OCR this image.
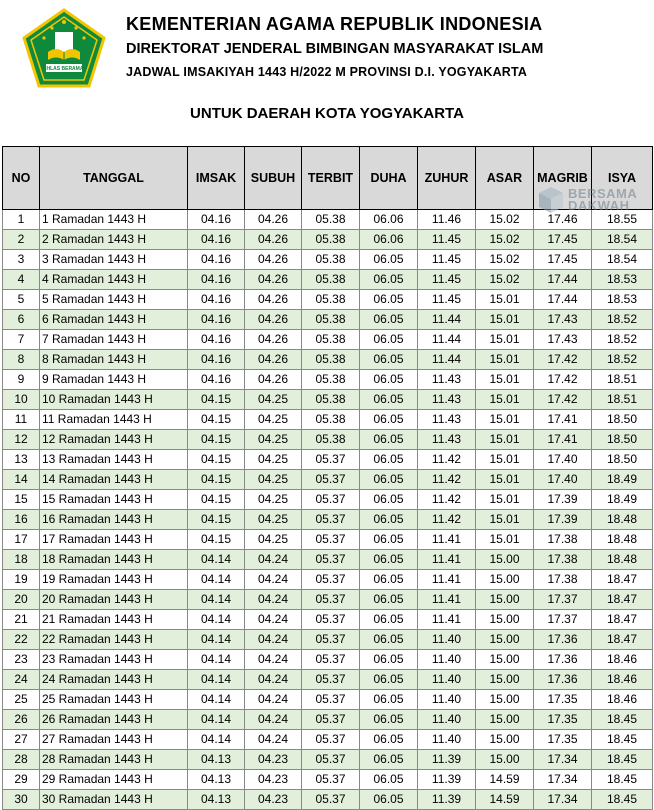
IKHLAS BERAMAL
KEMENTERIAN AGAMA REPUBLIK INDONESIA
DIREKTORAT JENDERAL BIMBINGAN MASYARAKAT ISLAM
JADWAL IMSAKIYAH 1443 H/2022 M PROVINSI D.I. YOGYAKARTA
UNTUK DAERAH KOTA YOGYAKARTA
NO	TANGGAL	IMSAK	SUBUH	TERBIT	DUHA	ZUHUR	ASAR	MAGRIB	ISYA
1	1 Ramadan 1443 H	04.16	04.26	05.38	06.06	11.46	15.02	17.46	18.55
2	2 Ramadan 1443 H	04.16	04.26	05.38	06.06	11.45	15.02	17.45	18.54
3	3 Ramadan 1443 H	04.16	04.26	05.38	06.05	11.45	15.02	17.45	18.54
4	4 Ramadan 1443 H	04.16	04.26	05.38	06.05	11.45	15.02	17.44	18.53
5	5 Ramadan 1443 H	04.16	04.26	05.38	06.05	11.45	15.01	17.44	18.53
6	6 Ramadan 1443 H	04.16	04.26	05.38	06.05	11.44	15.01	17.43	18.52
7	7 Ramadan 1443 H	04.16	04.26	05.38	06.05	11.44	15.01	17.43	18.52
8	8 Ramadan 1443 H	04.16	04.26	05.38	06.05	11.44	15.01	17.42	18.52
9	9 Ramadan 1443 H	04.16	04.26	05.38	06.05	11.43	15.01	17.42	18.51
10	10 Ramadan 1443 H	04.15	04.25	05.38	06.05	11.43	15.01	17.42	18.51
11	11 Ramadan 1443 H	04.15	04.25	05.38	06.05	11.43	15.01	17.41	18.50
12	12 Ramadan 1443 H	04.15	04.25	05.38	06.05	11.43	15.01	17.41	18.50
13	13 Ramadan 1443 H	04.15	04.25	05.37	06.05	11.42	15.01	17.40	18.50
14	14 Ramadan 1443 H	04.15	04.25	05.37	06.05	11.42	15.01	17.40	18.49
15	15 Ramadan 1443 H	04.15	04.25	05.37	06.05	11.42	15.01	17.39	18.49
16	16 Ramadan 1443 H	04.15	04.25	05.37	06.05	11.42	15.01	17.39	18.48
17	17 Ramadan 1443 H	04.15	04.25	05.37	06.05	11.41	15.01	17.38	18.48
18	18 Ramadan 1443 H	04.14	04.24	05.37	06.05	11.41	15.00	17.38	18.48
19	19 Ramadan 1443 H	04.14	04.24	05.37	06.05	11.41	15.00	17.38	18.47
20	20 Ramadan 1443 H	04.14	04.24	05.37	06.05	11.41	15.00	17.37	18.47
21	21 Ramadan 1443 H	04.14	04.24	05.37	06.05	11.41	15.00	17.37	18.47
22	22 Ramadan 1443 H	04.14	04.24	05.37	06.05	11.40	15.00	17.36	18.47
23	23 Ramadan 1443 H	04.14	04.24	05.37	06.05	11.40	15.00	17.36	18.46
24	24 Ramadan 1443 H	04.14	04.24	05.37	06.05	11.40	15.00	17.36	18.46
25	25 Ramadan 1443 H	04.14	04.24	05.37	06.05	11.40	15.00	17.35	18.46
26	26 Ramadan 1443 H	04.14	04.24	05.37	06.05	11.40	15.00	17.35	18.45
27	27 Ramadan 1443 H	04.14	04.24	05.37	06.05	11.40	15.00	17.35	18.45
28	28 Ramadan 1443 H	04.13	04.23	05.37	06.05	11.39	15.00	17.34	18.45
29	29 Ramadan 1443 H	04.13	04.23	05.37	06.05	11.39	14.59	17.34	18.45
30	30 Ramadan 1443 H	04.13	04.23	05.37	06.05	11.39	14.59	17.34	18.45
BERSAMA
DAKWAH
